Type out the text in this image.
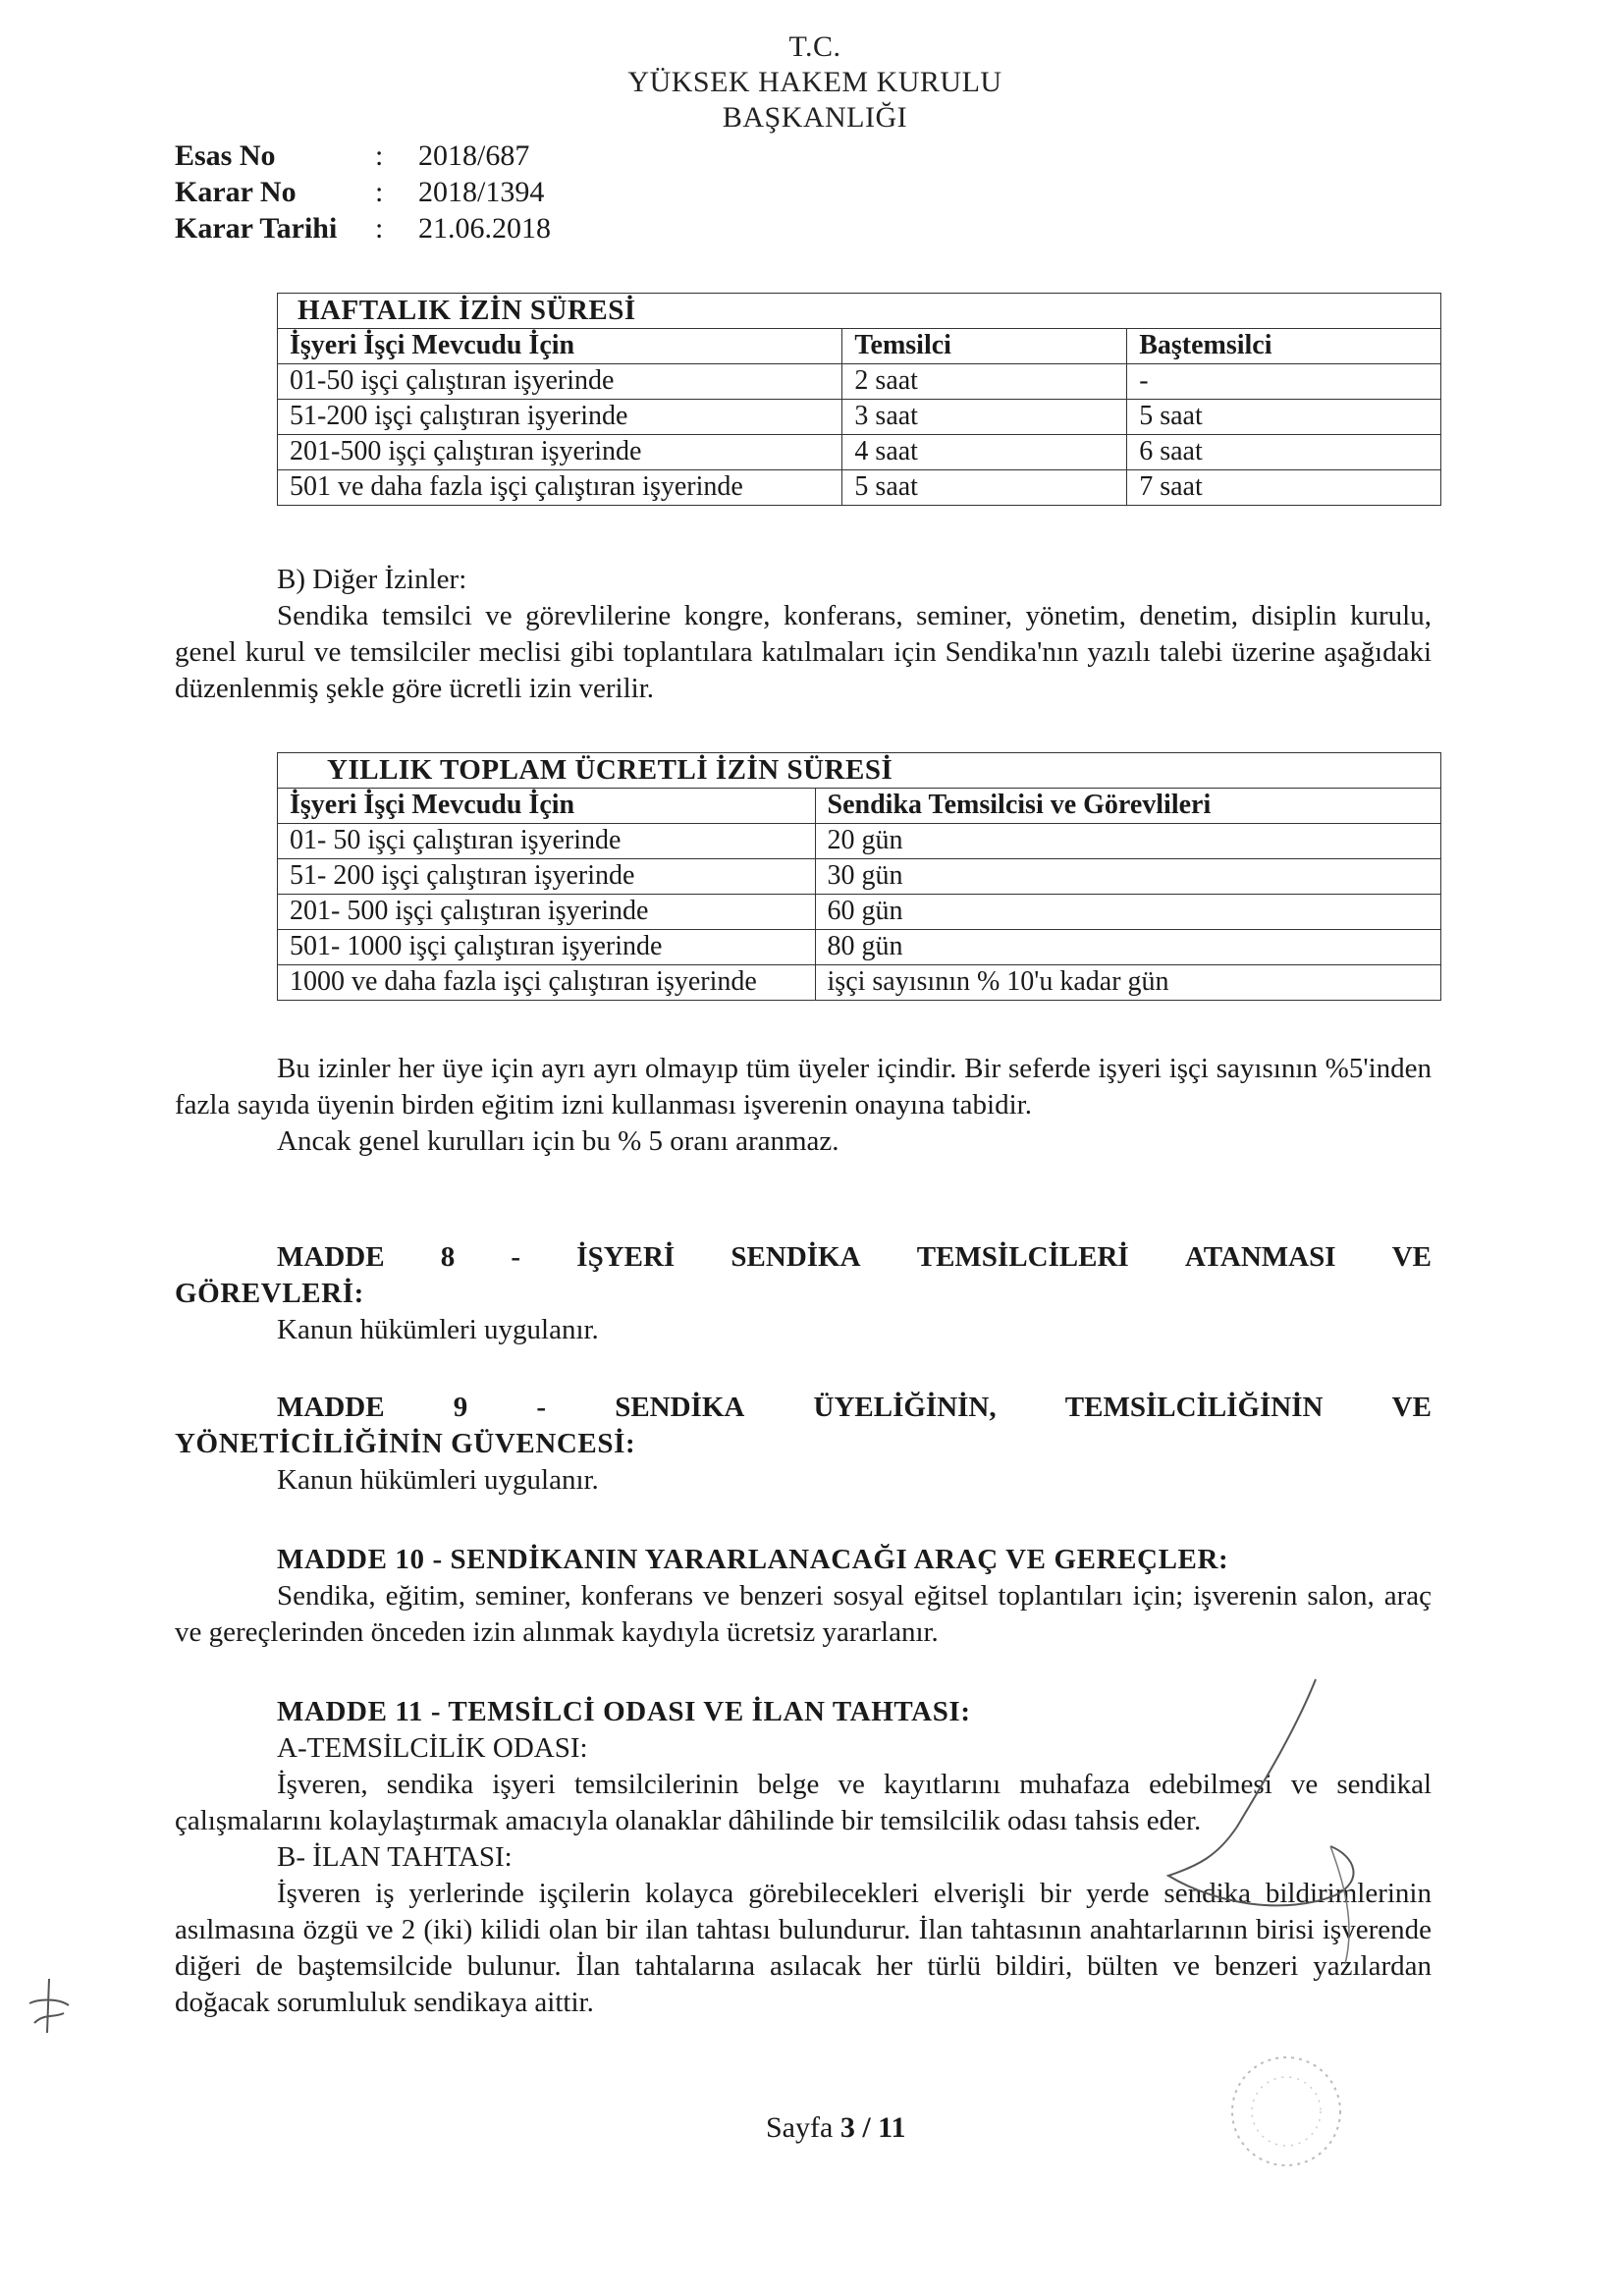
T.C.
YÜKSEK HAKEM KURULU
BAŞKANLIĞI
Esas No	:	2018/687
Karar No	:	2018/1394
Karar Tarihi	:	21.06.2018
HAFTALIK İZİN SÜRESİ		
İşyeri İşçi Mevcudu İçin	Temsilci	Baştemsilci
01-50 işçi çalıştıran işyerinde	2 saat	-
51-200 işçi çalıştıran işyerinde	3 saat	5 saat
201-500 işçi çalıştıran işyerinde	4 saat	6 saat
501 ve daha fazla işçi çalıştıran işyerinde	5 saat	7 saat

B) Diğer İzinler:

Sendika temsilci ve görevlilerine kongre, konferans, seminer, yönetim, denetim, disiplin kurulu, genel kurul ve temsilciler meclisi gibi toplantılara katılmaları için Sendika'nın yazılı talebi üzerine aşağıdaki düzenlenmiş şekle göre ücretli izin verilir.

YILLIK TOPLAM ÜCRETLİ İZİN SÜRESİ	
İşyeri İşçi Mevcudu İçin	Sendika Temsilcisi ve Görevlileri
01- 50 işçi çalıştıran işyerinde	20 gün
51- 200 işçi çalıştıran işyerinde	30 gün
201- 500 işçi çalıştıran işyerinde	60 gün
501- 1000 işçi çalıştıran işyerinde	80 gün
1000 ve daha fazla işçi çalıştıran işyerinde	işçi sayısının % 10'u kadar gün

Bu izinler her üye için ayrı ayrı olmayıp tüm üyeler içindir. Bir seferde işyeri işçi sayısının %5'inden fazla sayıda üyenin birden eğitim izni kullanması işverenin onayına tabidir.

Ancak genel kurulları için bu % 5 oranı aranmaz.

MADDE 8 - İŞYERİ SENDİKA TEMSİLCİLERİ ATANMASI VE

GÖREVLERİ:

Kanun hükümleri uygulanır.

MADDE 9 - SENDİKA ÜYELİĞİNİN, TEMSİLCİLİĞİNİN VE

YÖNETİCİLİĞİNİN GÜVENCESİ:

Kanun hükümleri uygulanır.

MADDE 10 - SENDİKANIN YARARLANACAĞI ARAÇ VE GEREÇLER:

Sendika, eğitim, seminer, konferans ve benzeri sosyal eğitsel toplantıları için; işverenin salon, araç ve gereçlerinden önceden izin alınmak kaydıyla ücretsiz yararlanır.

MADDE 11 - TEMSİLCİ ODASI VE İLAN TAHTASI:

A-TEMSİLCİLİK ODASI:

İşveren, sendika işyeri temsilcilerinin belge ve kayıtlarını muhafaza edebilmesi ve sendikal çalışmalarını kolaylaştırmak amacıyla olanaklar dâhilinde bir temsilcilik odası tahsis eder.

B- İLAN TAHTASI:

İşveren iş yerlerinde işçilerin kolayca görebilecekleri elverişli bir yerde sendika bildirimlerinin asılmasına özgü ve 2 (iki) kilidi olan bir ilan tahtası bulundurur. İlan tahtasının anahtarlarının birisi işverende diğeri de baştemsilcide bulunur. İlan tahtalarına asılacak her türlü bildiri, bülten ve benzeri yazılardan doğacak sorumluluk sendikaya aittir.

Sayfa 3 / 11
